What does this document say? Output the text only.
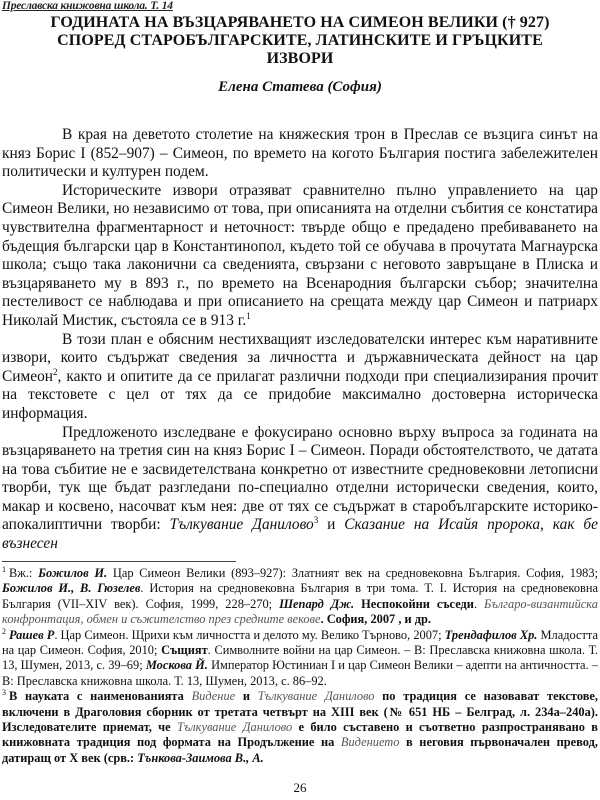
Преславска книжовна школа. Т. 14
ГОДИНАТА НА ВЪЗЦАРЯВАНЕТО НА СИМЕОН ВЕЛИКИ († 927)
СПОРЕД СТАРОБЪЛГАРСКИТЕ, ЛАТИНСКИТЕ И ГРЪЦКИТЕ
ИЗВОРИ
Елена Статева (София)

В края на деветото столетие на княжеския трон в Преслав се възцига синът на княз Борис I (852–907) – Симеон, по времето на когото България постига забележителен политически и културен подем.

Историческите извори отразяват сравнително пълно управлението на цар Симеон Велики, но независимо от това, при описанията на отделни събития се констатира чувствителна фрагментарност и неточност: твърде общо е предадено пребиваването на бъдещия български цар в Константинопол, където той се обучава в прочутата Магнаурска школа; също така лаконични са сведенията, свързани с неговото завръщане в Плиска и възцаряването му в 893 г., по времето на Всенародния български събор; значителна пестеливост се наблюдава и при описанието на срещата между цар Симеон и патриарх Николай Мистик, състояла се в 913 г.$^1$

В този план е обясним нестихващият изследователски интерес към наративните извори, които съдържат сведения за личността и държавническата дейност на цар Симеон$^2$, както и опитите да се прилагат различни подходи при специализирания прочит на текстовете с цел от тях да се придобие максимално достоверна историческа информация.

Предложеното изследване е фокусирано основно върху въпроса за годината на възцаряването на третия син на княз Борис I – Симеон. Поради обстоятелството, че датата на това събитие не е засвидетелствана конкретно от известните средновековни летописни творби, тук ще бъдат разгледани по-специално отделни исторически сведения, които, макар и косвено, насочват към нея: две от тях се съдържат в старобългарските историко-апокалиптични творби: Тълкувание Данилово$^3$ и Сказание на Исайя пророка, как бе възнесен

$^1$ Вж.: Божилов И. Цар Симеон Велики (893–927): Златният век на средновековна България. София, 1983; Божилов И., В. Гюзелев. История на средновековна България в три тома. Т. I. История на средновековна България (VII–XIV век). София, 1999, 228–270; Шепард Дж. Неспокойни съседи. Българо-византийска конфронтация, обмен и съжителство през средните векове. София, 2007 , и др.

$^2$ Рашев Р. Цар Симеон. Щрихи към личността и делото му. Велико Търново, 2007; Трендафилов Хр. Младостта на цар Симеон. София, 2010; Същият. Символните войни на цар Симеон. – В: Преславска книжовна школа. Т. 13, Шумен, 2013, с. 39–69; Москова Й. Император Юстиниан I и цар Симеон Велики – адепти на античността. – В: Преславска книжовна школа. Т. 13, Шумен, 2013, с. 86–92.

$^3$ В науката с наименованията Видение и Тълкувание Данилово по традиция се назовават текстове, включени в Драголовия сборник от третата четвърт на XIII век (№ 651 НБ – Белград, л. 234а–240а). Изследователите приемат, че Тълкувание Данилово е било съставено и съответно разпространявано в книжовната традиция под формата на Продължение на Видението в неговия първоначален превод, датиращ от X век (срв.: Тънкова-Заимова В., А.

26
